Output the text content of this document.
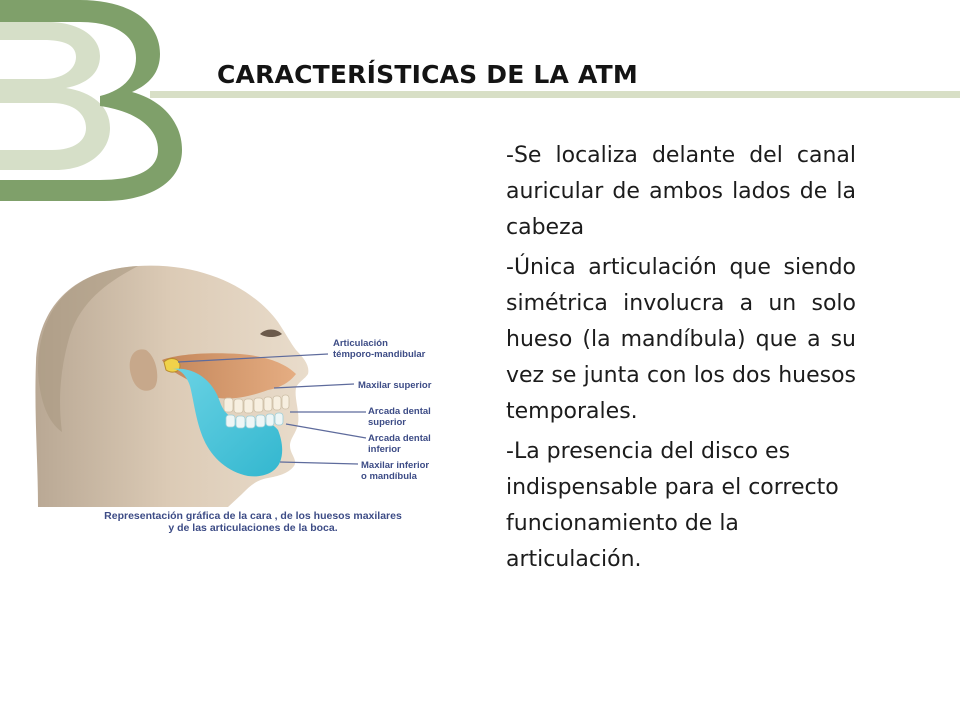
CARACTERÍSTICAS DE LA ATM

-Se localiza delante del canal auricular de ambos lados de la cabeza

-Única articulación que siendo simétrica involucra a un solo hueso (la mandíbula) que a su vez se junta con los dos huesos temporales.

-La presencia del disco es indispensable para el correcto funcionamiento de la articulación.

Articulación
témporo-mandibular
Maxilar superior
Arcada dental
superior
Arcada dental
inferior
Maxilar inferior
o mandíbula
Representación gráfica de la cara , de los huesos maxilares
y de las articulaciones de la boca.
